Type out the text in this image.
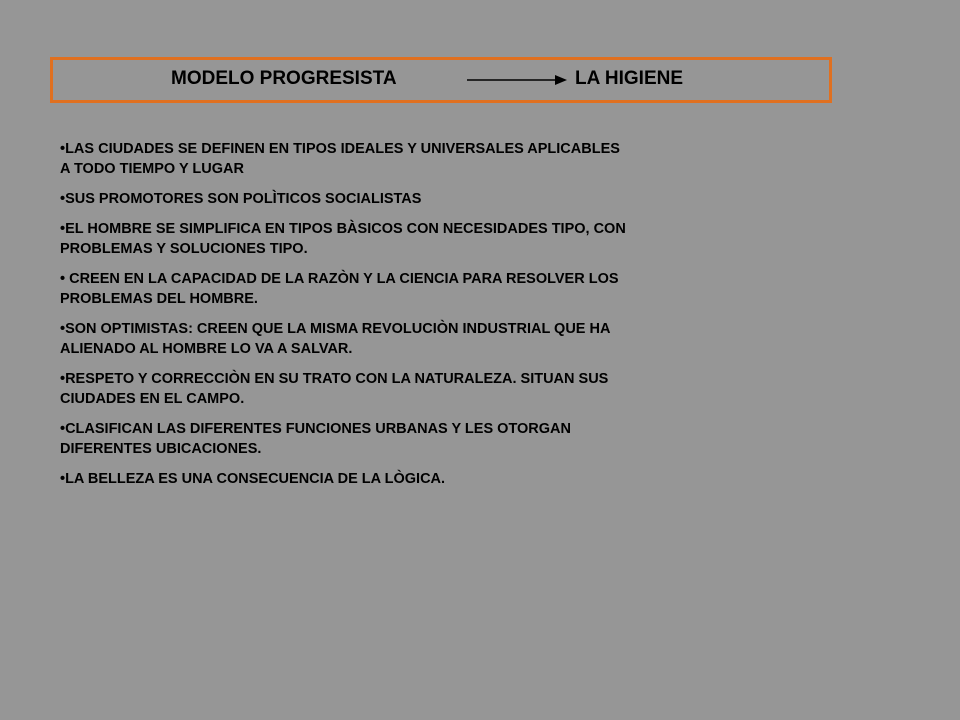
MODELO PROGRESISTA	LA HIGIENE
•LAS CIUDADES SE DEFINEN EN TIPOS IDEALES Y UNIVERSALES APLICABLES
A TODO TIEMPO Y LUGAR
•SUS PROMOTORES SON POLÌTICOS SOCIALISTAS
•EL HOMBRE SE SIMPLIFICA EN TIPOS BÀSICOS CON NECESIDADES TIPO, CON
PROBLEMAS Y SOLUCIONES TIPO.
• CREEN EN LA CAPACIDAD DE LA RAZÒN Y LA CIENCIA PARA RESOLVER LOS
PROBLEMAS DEL HOMBRE.
•SON OPTIMISTAS: CREEN QUE LA MISMA REVOLUCIÒN INDUSTRIAL QUE HA
ALIENADO AL HOMBRE LO VA A SALVAR.
•RESPETO Y CORRECCIÒN EN SU TRATO CON LA NATURALEZA. SITUAN SUS
CIUDADES EN EL CAMPO.
•CLASIFICAN LAS DIFERENTES FUNCIONES URBANAS Y LES OTORGAN
DIFERENTES UBICACIONES.
•LA BELLEZA ES UNA CONSECUENCIA DE LA LÒGICA.
